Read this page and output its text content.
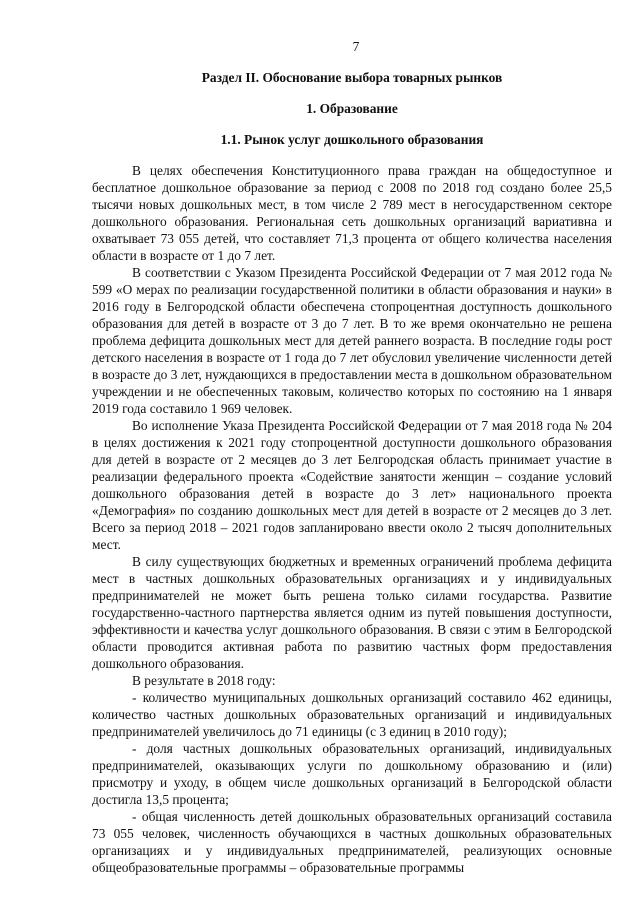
7
Раздел II. Обоснование выбора товарных рынков
1. Образование
1.1. Рынок услуг дошкольного образования

В целях обеспечения Конституционного права граждан на общедоступное и бесплатное дошкольное образование за период с 2008 по 2018 год создано более 25,5 тысячи новых дошкольных мест, в том числе 2 789 мест в негосударственном секторе дошкольного образования. Региональная сеть дошкольных организаций вариативна и охватывает 73 055 детей, что составляет 71,3 процента от общего количества населения области в возрасте от 1 до 7 лет.

В соответствии с Указом Президента Российской Федерации от 7 мая 2012 года № 599 «О мерах по реализации государственной политики в области образования и науки» в 2016 году в Белгородской области обеспечена стопроцентная доступность дошкольного образования для детей в возрасте от 3 до 7 лет. В то же время окончательно не решена проблема дефицита дошкольных мест для детей раннего возраста. В последние годы рост детского населения в возрасте от 1 года до 7 лет обусловил увеличение численности детей в возрасте до 3 лет, нуждающихся в предоставлении места в дошкольном образовательном учреждении и не обеспеченных таковым, количество которых по состоянию на 1 января 2019 года составило 1 969 человек.

Во исполнение Указа Президента Российской Федерации от 7 мая 2018 года № 204 в целях достижения к 2021 году стопроцентной доступности дошкольного образования для детей в возрасте от 2 месяцев до 3 лет Белгородская область принимает участие в реализации федерального проекта «Содействие занятости женщин – создание условий дошкольного образования детей в возрасте до 3 лет» национального проекта «Демография» по созданию дошкольных мест для детей в возрасте от 2 месяцев до 3 лет. Всего за период 2018 – 2021 годов запланировано ввести около 2 тысяч дополнительных мест.

В силу существующих бюджетных и временных ограничений проблема дефицита мест в частных дошкольных образовательных организациях и у индивидуальных предпринимателей не может быть решена только силами государства. Развитие государственно-частного партнерства является одним из путей повышения доступности, эффективности и качества услуг дошкольного образования. В связи с этим в Белгородской области проводится активная работа по развитию частных форм предоставления дошкольного образования.

В результате в 2018 году:

- количество муниципальных дошкольных организаций составило 462 единицы, количество частных дошкольных образовательных организаций и индивидуальных предпринимателей увеличилось до 71 единицы (с 3 единиц в 2010 году);
- доля частных дошкольных образовательных организаций, индивидуальных предпринимателей, оказывающих услуги по дошкольному образованию и (или) присмотру и уходу, в общем числе дошкольных организаций в Белгородской области достигла 13,5 процента;
- общая численность детей дошкольных образовательных организаций составила 73 055 человек, численность обучающихся в частных дошкольных образовательных организациях и у индивидуальных предпринимателей, реализующих основные общеобразовательные программы – образовательные программы
